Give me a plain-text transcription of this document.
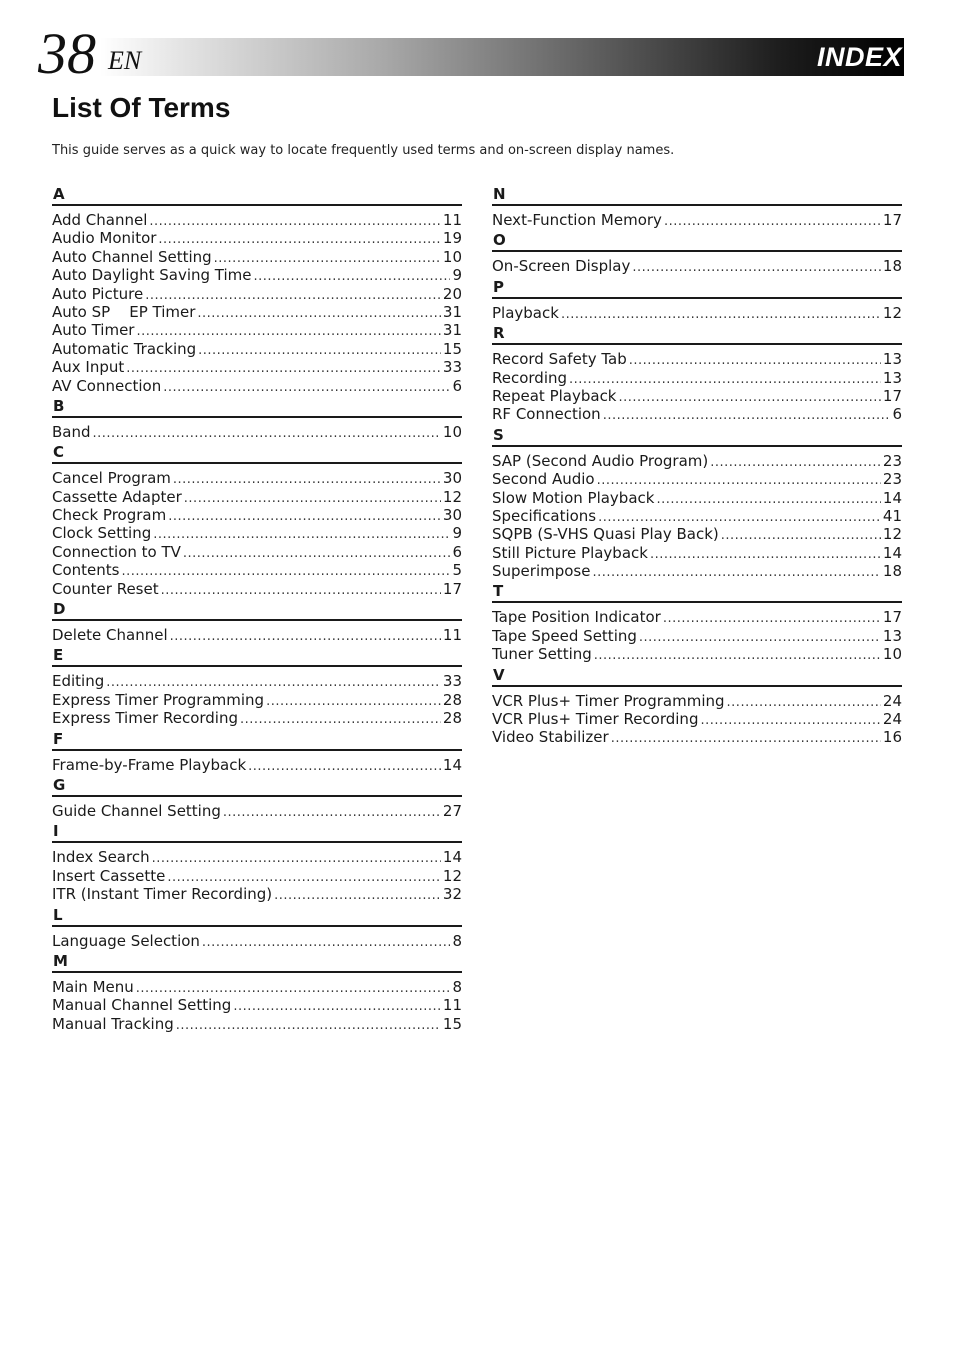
38 EN	INDEX
List Of Terms

This guide serves as a quick way to locate frequently used terms and on-screen display names.

A
Add Channel .....	11
Audio Monitor .....	19
Auto Channel Setting .....	10
Auto Daylight Saving Time .....	9
Auto Picture .....	20
Auto SP    EP Timer .....	31
Auto Timer .....	31
Automatic Tracking .....	15
Aux Input .....	33
AV Connection .....	6
B
Band .....	10
C
Cancel Program .....	30
Cassette Adapter .....	12
Check Program .....	30
Clock Setting .....	9
Connection to TV .....	6
Contents .....	5
Counter Reset .....	17
D
Delete Channel .....	11
E
Editing .....	33
Express Timer Programming .....	28
Express Timer Recording .....	28
F
Frame-by-Frame Playback .....	14
G
Guide Channel Setting .....	27
I
Index Search .....	14
Insert Cassette .....	12
ITR (Instant Timer Recording) .....	32
L
Language Selection .....	8
M
Main Menu .....	8
Manual Channel Setting .....	11
Manual Tracking .....	15
N
Next-Function Memory .....	17
O
On-Screen Display .....	18
P
Playback .....	12
R
Record Safety Tab .....	13
Recording .....	13
Repeat Playback .....	17
RF Connection .....	6
S
SAP (Second Audio Program) .....	23
Second Audio .....	23
Slow Motion Playback .....	14
Specifications .....	41
SQPB (S-VHS Quasi Play Back) .....	12
Still Picture Playback .....	14
Superimpose .....	18
T
Tape Position Indicator .....	17
Tape Speed Setting .....	13
Tuner Setting .....	10
V
VCR Plus+ Timer Programming .....	24
VCR Plus+ Timer Recording .....	24
Video Stabilizer .....	16
